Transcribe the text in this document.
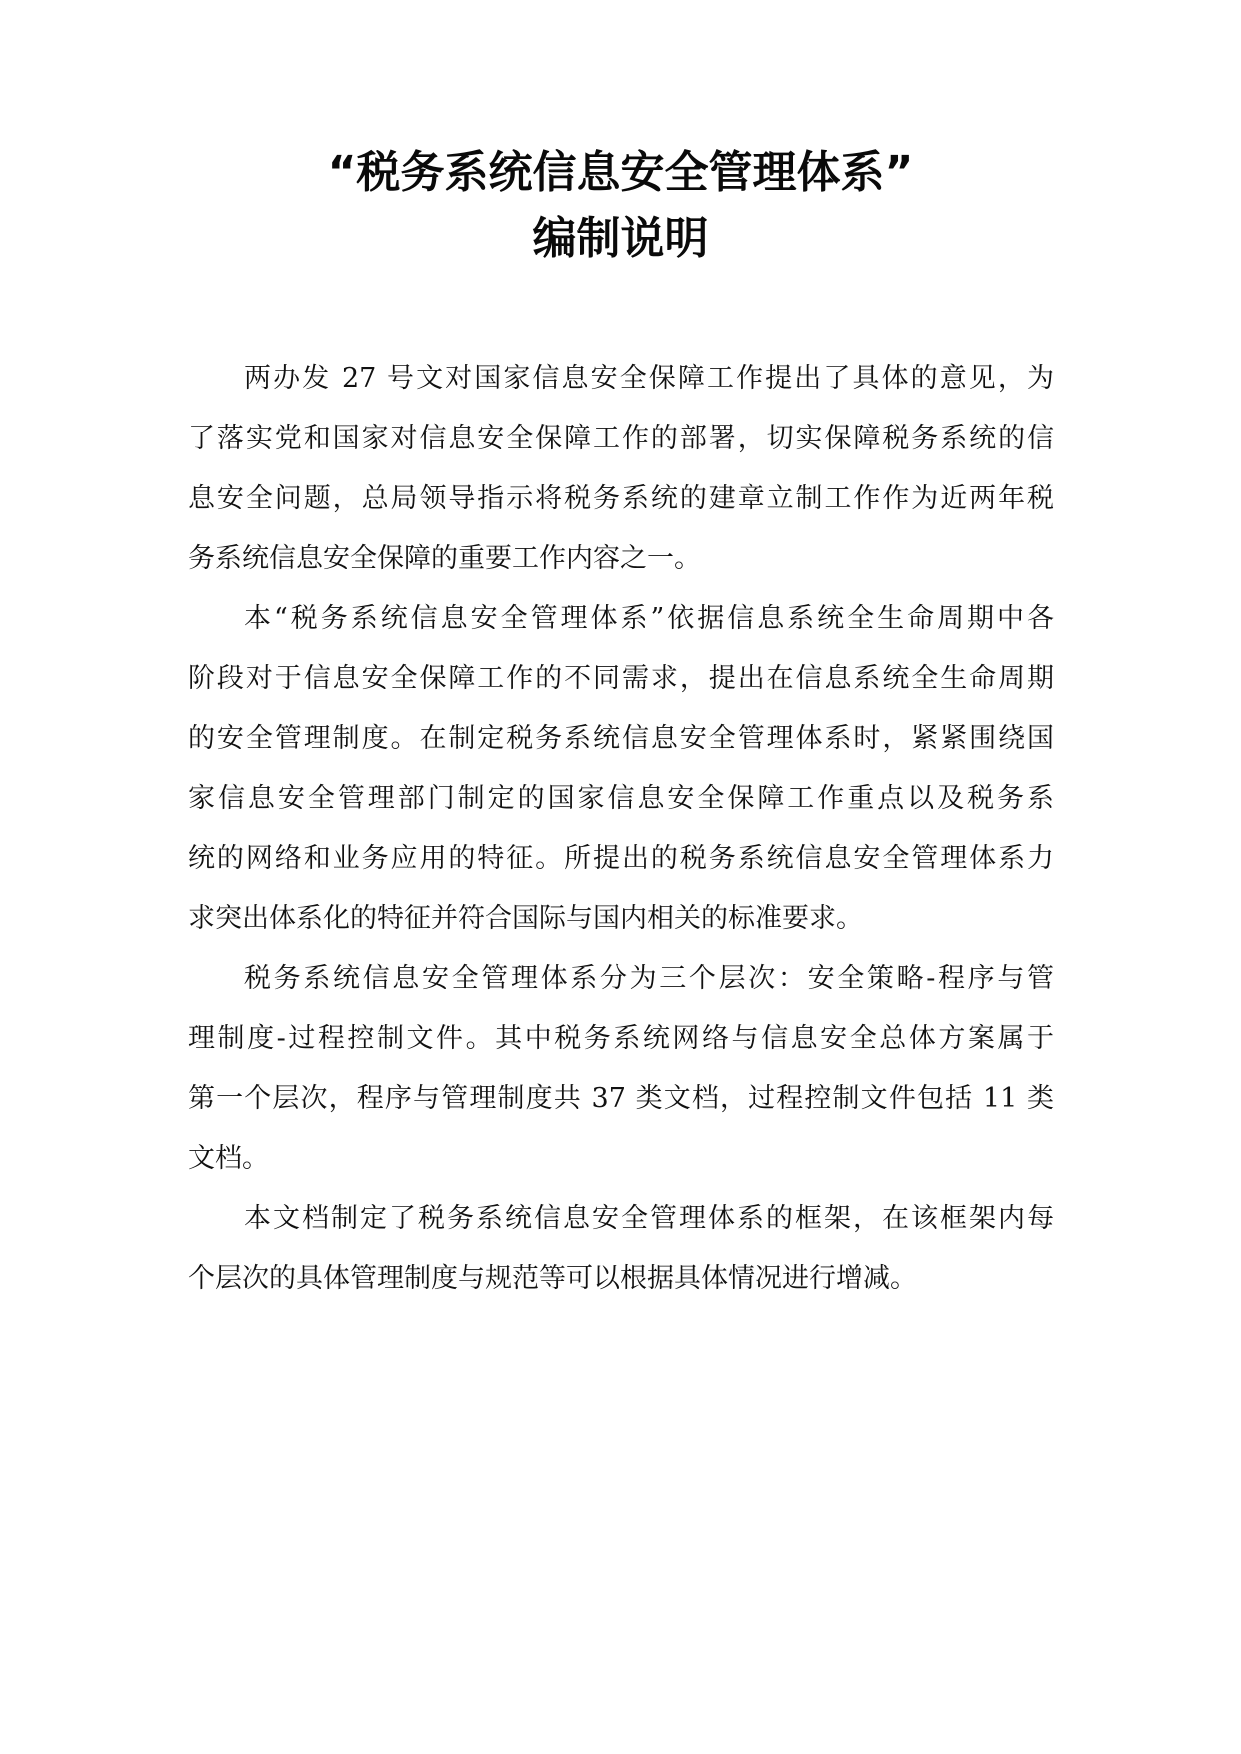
“税务系统信息安全管理体系”
编制说明
两办发 27 号文对国家信息安全保障工作提出了具体的意见，为
了落实党和国家对信息安全保障工作的部署，切实保障税务系统的信
息安全问题，总局领导指示将税务系统的建章立制工作作为近两年税
务系统信息安全保障的重要工作内容之一。
本“税务系统信息安全管理体系”依据信息系统全生命周期中各
阶段对于信息安全保障工作的不同需求，提出在信息系统全生命周期
的安全管理制度。在制定税务系统信息安全管理体系时，紧紧围绕国
家信息安全管理部门制定的国家信息安全保障工作重点以及税务系
统的网络和业务应用的特征。所提出的税务系统信息安全管理体系力
求突出体系化的特征并符合国际与国内相关的标准要求。
税务系统信息安全管理体系分为三个层次：安全策略-程序与管
理制度-过程控制文件。其中税务系统网络与信息安全总体方案属于
第一个层次，程序与管理制度共 37 类文档，过程控制文件包括 11 类
文档。
本文档制定了税务系统信息安全管理体系的框架，在该框架内每
个层次的具体管理制度与规范等可以根据具体情况进行增减。
